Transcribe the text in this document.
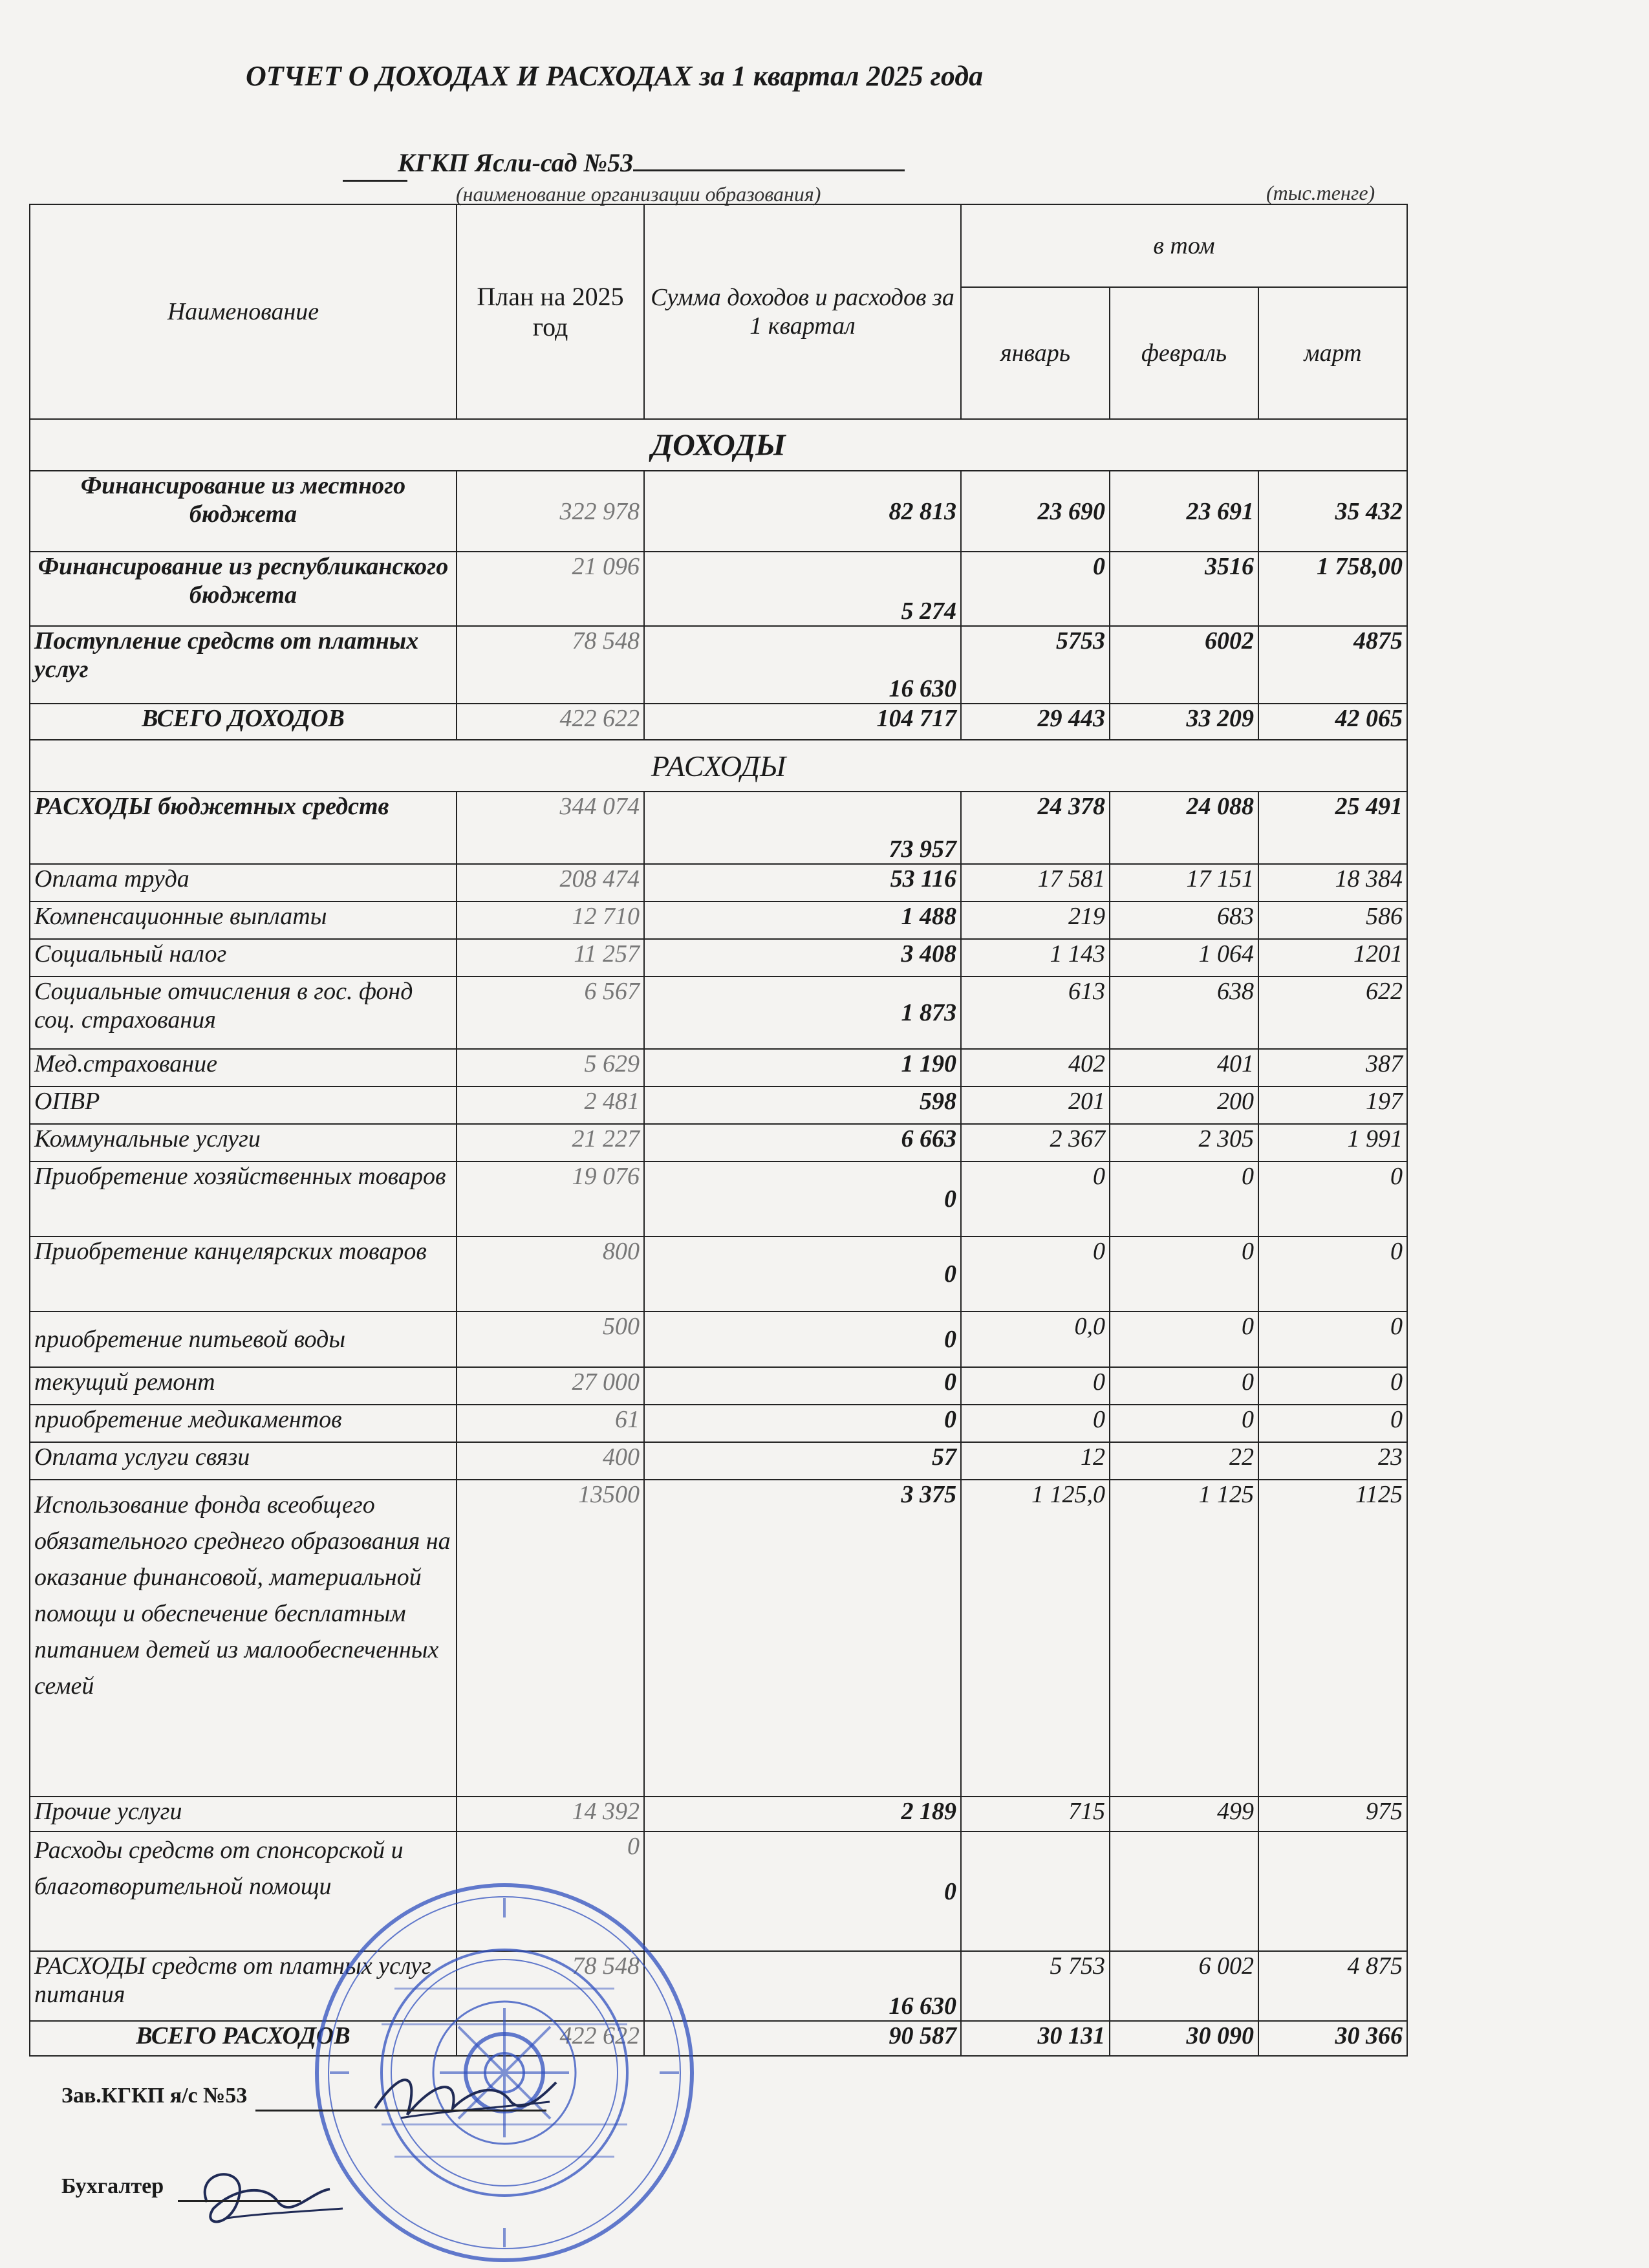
ОТЧЕТ О ДОХОДАХ И РАСХОДАХ за 1 квартал 2025 года
КГКП Ясли-сад №53
(наименование организации образования)	(тыс.тенге)
Наименование	План на 2025 год	Сумма доходов и расходов за 1 квартал	в том		
			январь	февраль	март
ДОХОДЫ					
Финансирование из местного бюджета	322 978	82 813	23 690	23 691	35 432
Финансирование из республиканского бюджета	21 096	5 274	0	3516	1 758,00
Поступление средств от платных услуг	78 548	16 630	5753	6002	4875
ВСЕГО ДОХОДОВ	422 622	104 717	29 443	33 209	42 065
РАСХОДЫ					
РАСХОДЫ бюджетных средств	344 074	73 957	24 378	24 088	25 491
Оплата труда	208 474	53 116	17 581	17 151	18 384
Компенсационные выплаты	12 710	1 488	219	683	586
Социальный налог	11 257	3 408	1 143	1 064	1201
Социальные отчисления в гос. фонд соц. страхования	6 567	1 873	613	638	622
Мед.страхование	5 629	1 190	402	401	387
ОПВР	2 481	598	201	200	197
Коммунальные услуги	21 227	6 663	2 367	2 305	1 991
Приобретение хозяйственных товаров	19 076	0	0	0	0
Приобретение канцелярских товаров	800	0	0	0	0
приобретение питьевой воды	500	0	0,0	0	0
текущий ремонт	27 000	0	0	0	0
приобретение медикаментов	61	0	0	0	0
Оплата услуги связи	400	57	12	22	23
Использование фонда всеобщего обязательного среднего образования на оказание финансовой, материальной помощи и обеспечение бесплатным питанием детей из малообеспеченных семей	13500	3 375	1 125,0	1 125	1125
Прочие услуги	14 392	2 189	715	499	975
Расходы средств от спонсорской и благотворительной помощи	0	0			
РАСХОДЫ средств от платных услуг питания	78 548	16 630	5 753	6 002	4 875
ВСЕГО РАСХОДОВ	422 622	90 587	30 131	30 090	30 366
Зав.КГКП я/с №53
Бухгалтер
